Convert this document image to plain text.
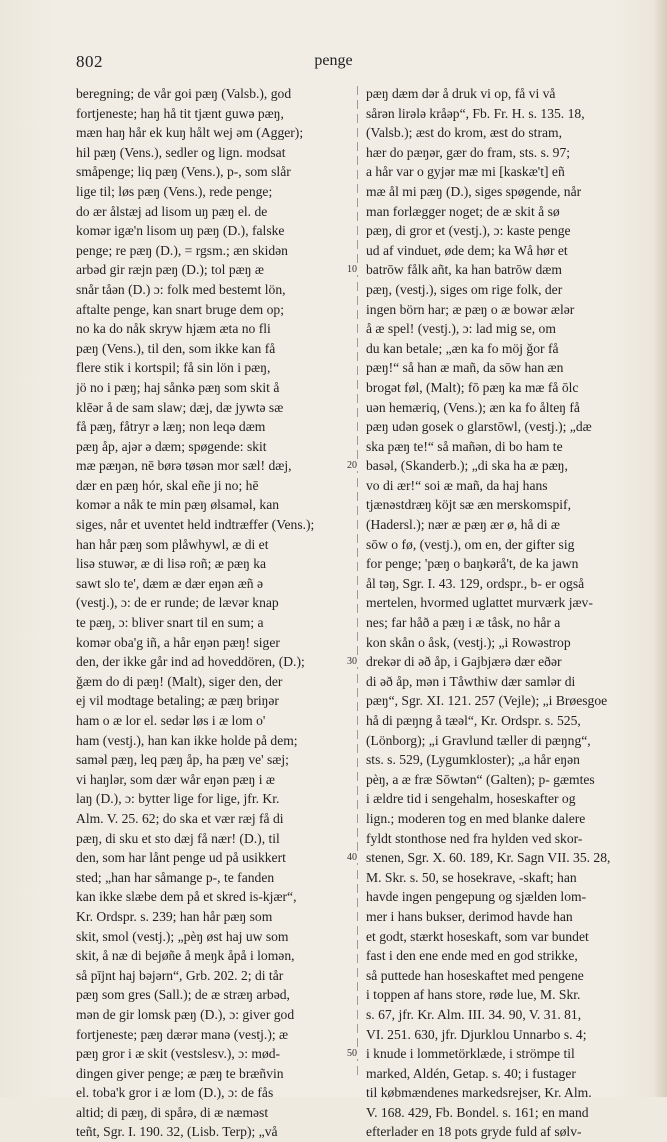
802	penge
beregning; de vår goi pæŋ (Valsb.), god
fortjeneste; haŋ hå tit tjænt guwə pæŋ,
mæn haŋ hår ek kuŋ hålt wej əm (Agger);
hil pæŋ (Vens.), sedler og lign. modsat
småpenge; liq pæŋ (Vens.), p-, som slår
lige til; løs pæŋ (Vens.), rede penge;
do ær ålstæj ad lisom uŋ pæŋ el. de
komər igæ'n lisom uŋ pæŋ (D.), falske
penge; re pæŋ (D.), = rgsm.; æn skidən
arbəd gir ræjn pæŋ (D.); tol pæŋ æ
snår tåən (D.) ɔ: folk med bestemt lön,
aftalte penge, kan snart bruge dem op;
no ka do nåk skryw hjæm æta no fli
pæŋ (Vens.), til den, som ikke kan få
flere stik i kortspil; få sin lön i pæŋ,
jö no i pæŋ; haj sånkə pæŋ som skit å
klēər å de sam slaw; dæj, dæ jywtə sæ
få pæŋ, fåtryr ə læŋ; non leqə dæm
pæŋ åp, ajər ə dæm; spøgende: skit
mæ pæŋən, nē børə tøsən mor sæl! dæj,
dær en pæŋ hór, skal eñe ji no; hē
komər a nåk te min pæŋ ølsaməl, kan
siges, når et uventet held indtræffer (Vens.);
han hår pæŋ som plåwhywl, æ di et
lisə stuwər, æ di lisə roñ; æ pæŋ ka
sawt slo te', dæm æ dær eŋən æñ ə
(vestj.), ɔ: de er runde; de lævər knap
te pæŋ, ɔ: bliver snart til en sum; a
komər oba'g iñ, a hår eŋən pæŋ! siger
den, der ikke går ind ad hoveddören, (D.);
ǧæm do di pæŋ! (Malt), siger den, der
ej vil modtage betaling; æ pæŋ briŋər
ham o æ lor el. sedər løs i æ lom o'
ham (vestj.), han kan ikke holde på dem;
saməl pæŋ, leq pæŋ åp, ha pæŋ ve' sæj;
vi haŋlər, som dær wår eŋən pæŋ i æ
laŋ (D.), ɔ: bytter lige for lige, jfr. Kr.
Alm. V. 25. 62; do ska et vær ræj få di
pæŋ, di sku et sto dæj få nær! (D.), til
den, som har lånt penge ud på usikkert
sted; „han har såmange p-, te fanden
kan ikke slæbe dem på et skred is-kjær“,
Kr. Ordspr. s. 239; han hår pæŋ som
skit, smol (vestj.); „pèŋ øst haj uw som
skit, å næ di bejøñe å meŋk åpå i lomən,
så pījnt haj bəjərn“, Grb. 202. 2; di tår
pæŋ som gres (Sall.); de æ stræŋ arbəd,
mən de gir lomsk pæŋ (D.), ɔ: giver god
fortjeneste; pæŋ dærər manə (vestj.); æ
pæŋ gror i æ skit (vestslesv.), ɔ: mød-
dingen giver penge; æ pæŋ te bræñvin
el. toba'k gror i æ lom (D.), ɔ: de fås
altid; di pæŋ, di spårə, di æ næməst
teñt, Sgr. I. 190. 32, (Lisb. Terp); „vå
10
20
30
40
50
pæŋ dæm dər å druk vi op, få vi vå
sårən lirələ kråəp“, Fb. Fr. H. s. 135. 18,
(Valsb.); æst do krom, æst do stram,
hær do pæŋər, gær do fram, sts. s. 97;
a hår var o gyjər mæ mi [kaskæ't] eñ
mæ ål mi pæŋ (D.), siges spøgende, når
man forlægger noget; de æ skit å sø
pæŋ, di gror et (vestj.), ɔ: kaste penge
ud af vinduet, øde dem; ka Wå hør et
batrōw fålk añt, ka han batrōw dæm
pæŋ, (vestj.), siges om rige folk, der
ingen börn har; æ pæŋ o æ bowər ælər
å æ spel! (vestj.), ɔ: lad mig se, om
du kan betale; „æn ka fo möj ǧor få
pæŋ!“ så han æ mañ, da sōw han æn
brogət føl, (Malt); fō pæŋ ka mæ få ōlc
uən hemæriq, (Vens.); æn ka fo ålteŋ få
pæŋ udən gosek o glarstōwl, (vestj.); „dæ
ska pæŋ te!“ så mañən, di bo ham te
basəl, (Skanderb.); „di ska ha æ pæŋ,
vo di ær!“ soi æ mañ, da haj hans
tjænəstdræŋ köjt sæ æn merskomspif,
(Hadersl.); nær æ pæŋ ær ø, hå di æ
sōw o fø, (vestj.), om en, der gifter sig
for penge; 'pæŋ o baŋkərå't, de ka jawn
ål təŋ, Sgr. I. 43. 129, ordspr., b- er også
mertelen, hvormed uglattet murværk jæv-
nes; far håð a pæŋ i æ tåsk, no hår a
kon skån o åsk, (vestj.); „i Rowəstrop
drekər di əð åp, i Gajbjærə dær eðər
di əð åp, mən i Tåwthiw dær samlər di
pæŋ“, Sgr. XI. 121. 257 (Vejle); „i Brøesgoe
hå di pæŋng å tæəl“, Kr. Ordspr. s. 525,
(Lönborg); „i Gravlund tæller di pæŋng“,
sts. s. 529, (Lygumkloster); „a hår eŋən
pèŋ, a æ fræ Sōwtən“ (Galten); p- gæmtes
i ældre tid i sengehalm, hoseskafter og
lign.; moderen tog en med blanke dalere
fyldt stonthose ned fra hylden ved skor-
stenen, Sgr. X. 60. 189, Kr. Sagn VII. 35. 28,
M. Skr. s. 50, se hosekrave, -skaft; han
havde ingen pengepung og sjælden lom-
mer i hans bukser, derimod havde han
et godt, stærkt hoseskaft, som var bundet
fast i den ene ende med en god strikke,
så puttede han hoseskaftet med pengene
i toppen af hans store, røde lue, M. Skr.
s. 67, jfr. Kr. Alm. III. 34. 90, V. 31. 81,
VI. 251. 630, jfr. Djurklou Unnarbo s. 4;
i knude i lommetörklæde, i strömpe til
marked, Aldén, Getap. s. 40; i fustager
til købmændenes markedsrejser, Kr. Alm.
V. 168. 429, Fb. Bondel. s. 161; en mand
efterlader en 18 pots gryde fuld af sølv-
